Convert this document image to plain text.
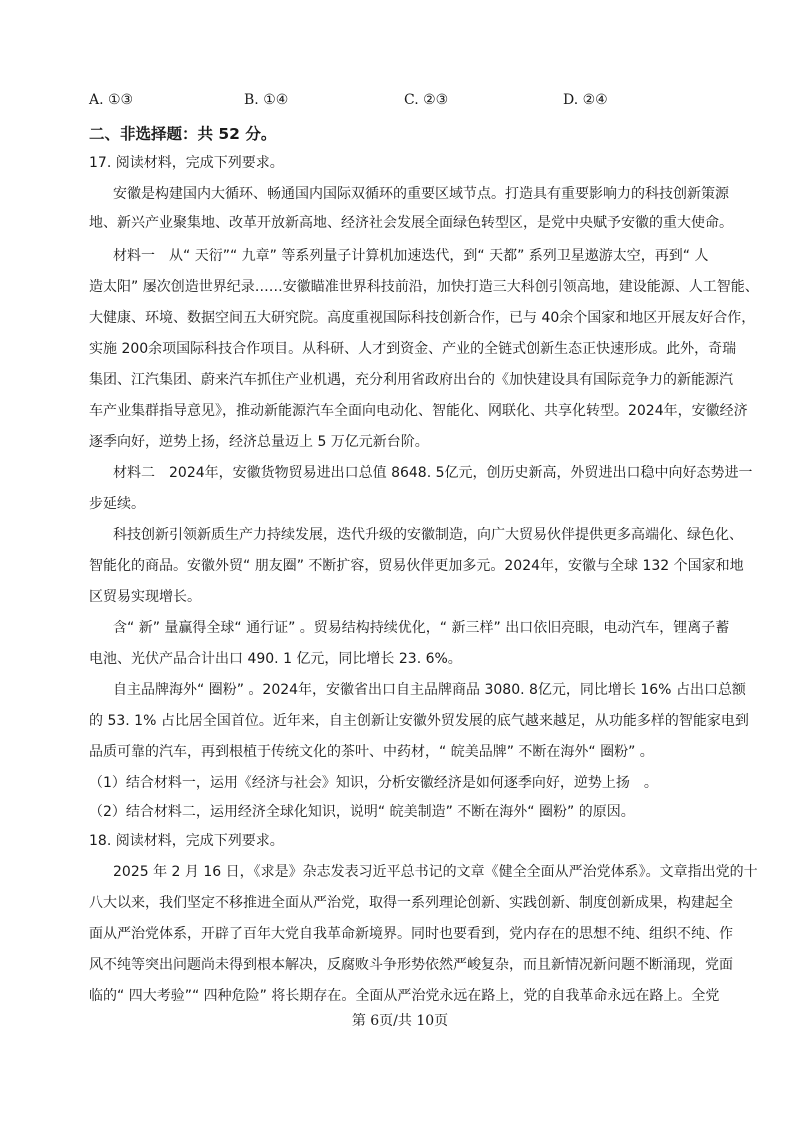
A. ①③	B. ①④	C. ②③	D. ②④
二、非选择题：共 52 分。
17. 阅读材料，完成下列要求。
安徽是构建国内大循环、畅通国内国际双循环的重要区域节点。打造具有重要影响力的科技创新策源
地、新兴产业聚集地、改革开放新高地、经济社会发展全面绿色转型区，是党中央赋予安徽的重大使命。
材料一　从“ 天衍”“ 九章” 等系列量子计算机加速迭代，到“ 天都” 系列卫星遨游太空，再到“ 人
造太阳” 屡次创造世界纪录……安徽瞄准世界科技前沿，加快打造三大科创引领高地，建设能源、人工智能、
大健康、环境、数据空间五大研究院。高度重视国际科技创新合作，已与 40余个国家和地区开展友好合作，
实施 200余项国际科技合作项目。从科研、人才到资金、产业的全链式创新生态正快速形成。此外，奇瑞
集团、江汽集团、蔚来汽车抓住产业机遇，充分利用省政府出台的《加快建设具有国际竞争力的新能源汽
车产业集群指导意见》，推动新能源汽车全面向电动化、智能化、网联化、共享化转型。2024年，安徽经济
逐季向好，逆势上扬，经济总量迈上 5 万亿元新台阶。
材料二　2024年，安徽货物贸易进出口总值 8648. 5亿元，创历史新高，外贸进出口稳中向好态势进一
步延续。
科技创新引领新质生产力持续发展，迭代升级的安徽制造，向广大贸易伙伴提供更多高端化、绿色化、
智能化的商品。安徽外贸“ 朋友圈” 不断扩容，贸易伙伴更加多元。2024年，安徽与全球 132 个国家和地
区贸易实现增长。
含“ 新” 量赢得全球“ 通行证” 。贸易结构持续优化，“ 新三样” 出口依旧亮眼，电动汽车，锂离子蓄
电池、光伏产品合计出口 490. 1 亿元，同比增长 23. 6%。
自主品牌海外“ 圈粉” 。2024年，安徽省出口自主品牌商品 3080. 8亿元，同比增长 16% 占出口总额
的 53. 1% 占比居全国首位。近年来，自主创新让安徽外贸发展的底气越来越足，从功能多样的智能家电到
品质可靠的汽车，再到根植于传统文化的茶叶、中药材，“ 皖美品牌” 不断在海外“ 圈粉” 。
（1）结合材料一，运用《经济与社会》知识，分析安徽经济是如何逐季向好，逆势上扬　。
（2）结合材料二，运用经济全球化知识，说明“ 皖美制造” 不断在海外“ 圈粉” 的原因。
18. 阅读材料，完成下列要求。
2025 年 2 月 16 日，《求是》杂志发表习近平总书记的文章《健全全面从严治党体系》。文章指出党的十
八大以来，我们坚定不移推进全面从严治党，取得一系列理论创新、实践创新、制度创新成果，构建起全
面从严治党体系，开辟了百年大党自我革命新境界。同时也要看到，党内存在的思想不纯、组织不纯、作
风不纯等突出问题尚未得到根本解决，反腐败斗争形势依然严峻复杂，而且新情况新问题不断涌现，党面
临的“ 四大考验”“ 四种危险” 将长期存在。全面从严治党永远在路上，党的自我革命永远在路上。全党
第 6页/共 10页
